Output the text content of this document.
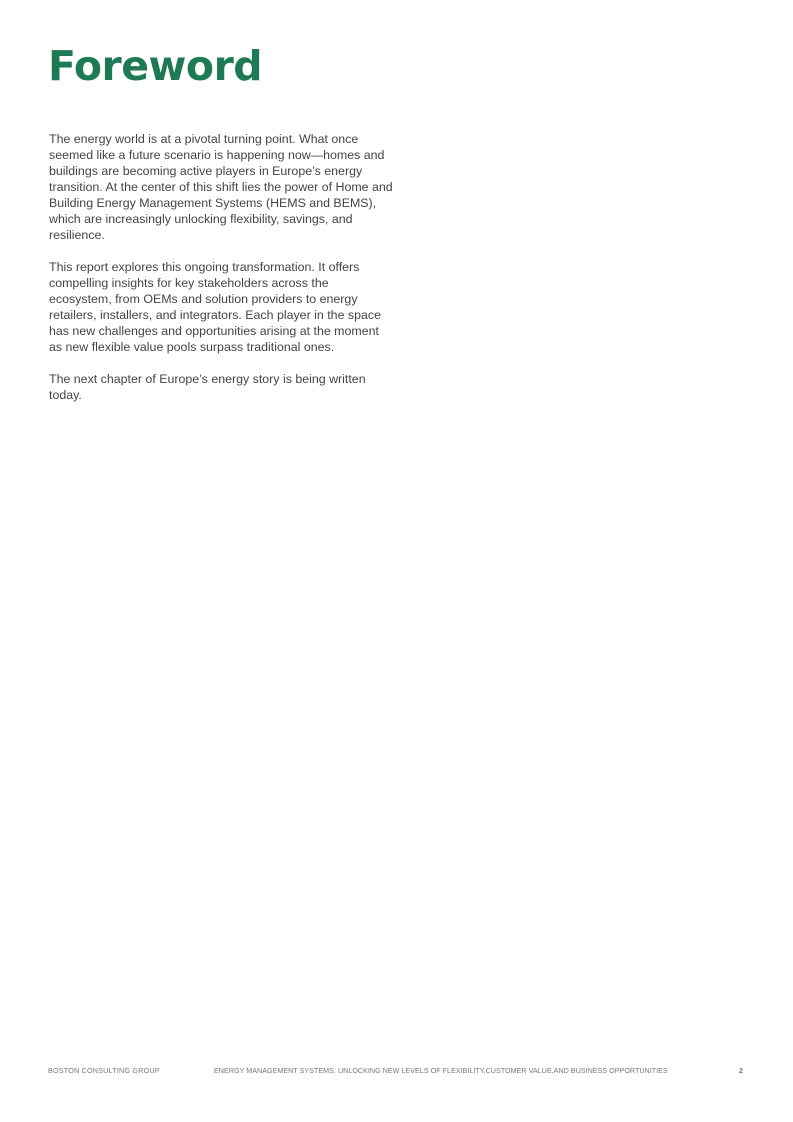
Foreword

The energy world is at a pivotal turning point. What once seemed like a future scenario is happening now—homes and buildings are becoming active players in Europe’s energy transition. At the center of this shift lies the power of Home and Building Energy Management Systems (HEMS and BEMS), which are increasingly unlocking flexibility, savings, and resilience.

This report explores this ongoing transformation. It offers compelling insights for key stakeholders across the ecosystem, from OEMs and solution providers to energy retailers, installers, and integrators. Each player in the space has new challenges and opportunities arising at the moment as new flexible value pools surpass traditional ones.

The next chapter of Europe’s energy story is being written today.

BOSTON CONSULTING GROUP	ENERGY MANAGEMENT SYSTEMS: UNLOCKING NEW LEVELS OF FLEXIBILITY,CUSTOMER VALUE,AND BUSINESS OPPORTUNITIES	2
